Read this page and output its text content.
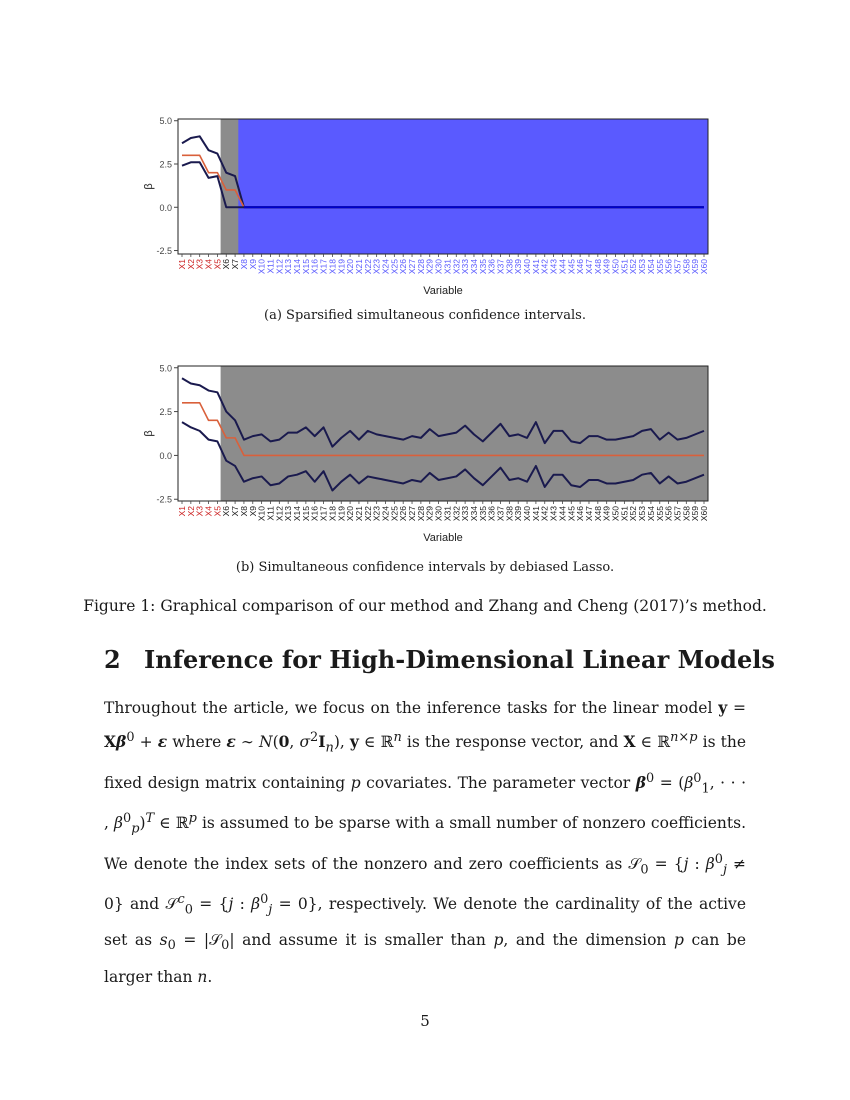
5.0
2.5
0.0
-2.5
β
X1
X2
X3
X4
X5
X6
X7
X8
X9
X10
X11
X12
X13
X14
X15
X16
X17
X18
X19
X20
X21
X22
X23
X24
X25
X26
X27
X28
X29
X30
X31
X32
X33
X34
X35
X36
X37
X38
X39
X40
X41
X42
X43
X44
X45
X46
X47
X48
X49
X50
X51
X52
X53
X54
X55
X56
X57
X58
X59
X60
Variable
(a) Sparsified simultaneous confidence intervals.
5.0
2.5
0.0
-2.5
β
X1
X2
X3
X4
X5
X6
X7
X8
X9
X10
X11
X12
X13
X14
X15
X16
X17
X18
X19
X20
X21
X22
X23
X24
X25
X26
X27
X28
X29
X30
X31
X32
X33
X34
X35
X36
X37
X38
X39
X40
X41
X42
X43
X44
X45
X46
X47
X48
X49
X50
X51
X52
X53
X54
X55
X56
X57
X58
X59
X60
Variable
(b) Simultaneous confidence intervals by debiased Lasso.
Figure 1: Graphical comparison of our method and Zhang and Cheng (2017)’s method.
2 Inference for High-Dimensional Linear Models

Throughout the article, we focus on the inference tasks for the linear model $y = X\beta^0 + \varepsilon$ where ε ∼ N(0, $\sigma^2I_n$), y ∈ ℝ$^n$ is the response vector, and X ∈ ℝ$^{n\times p}$ is the fixed design matrix containing p covariates. The parameter vector $\beta^0 = (\beta^0_1$, · · · , $\beta^0_p)^T$ ∈ ℝ$^p$ is assumed to be sparse with a small number of nonzero coefficients. We denote the index sets of the nonzero and zero coefficients as 𝒮$_0$ = {j : $\beta^0_j \ne 0$} and 𝒮$^c_0$ = {j : $\beta^0_j = 0$}, respectively. We denote the cardinality of the active set as $s_0$ = |𝒮$_0$| and assume it is smaller than p, and the dimension p can be larger than n.

5
